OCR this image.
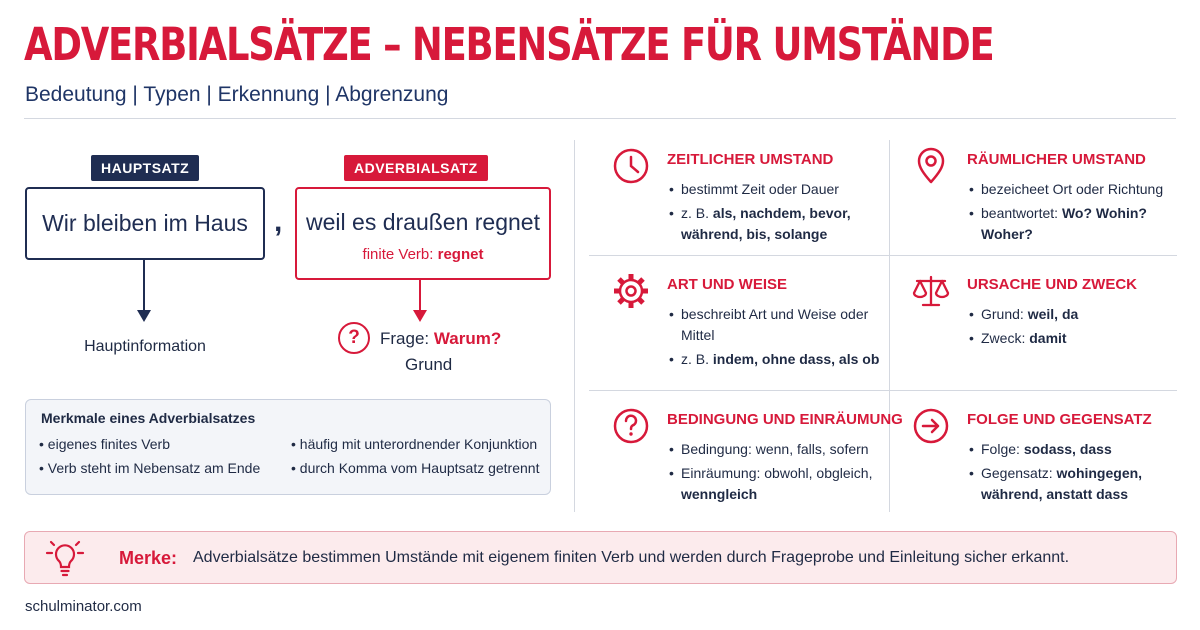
ADVERBIALSÄTZE – NEBENSÄTZE FÜR UMSTÄNDE
Bedeutung | Typen | Erkennung | Abgrenzung
HAUPTSATZ	ADVERBIALSATZ
Wir bleiben im Haus ,	weil es draußen regnet
finite Verb: regnet
Hauptinformation	?	Frage: Warum?
Grund
Merkmale eines Adverbialsatzes
• eigenes finites Verb
• Verb steht im Nebensatz am Ende
• häufig mit unterordnender Konjunktion
• durch Komma vom Hauptsatz getrennt
ZEITLICHER UMSTAND
• bestimmt Zeit oder Dauer
• z. B. als, nachdem, bevor, während, bis, solange
RÄUMLICHER UMSTAND
• bezeicheet Ort oder Richtung
• beantwortet: Wo? Wohin? Woher?
ART UND WEISE
• beschreibt Art und Weise oder Mittel
• z. B. indem, ohne dass, als ob
URSACHE UND ZWECK
• Grund: weil, da
• Zweck: damit
BEDINGUNG UND EINRÄUMUNG
• Bedingung: wenn, falls, sofern
• Einräumung: obwohl, obgleich, wenngleich
FOLGE UND GEGENSATZ
• Folge: sodass, dass
• Gegensatz: wohingegen, während, anstatt dass
Merke: Adverbialsätze bestimmen Umstände mit eigenem finiten Verb und werden durch Frageprobe und Einleitung sicher erkannt.
schulminator.com
